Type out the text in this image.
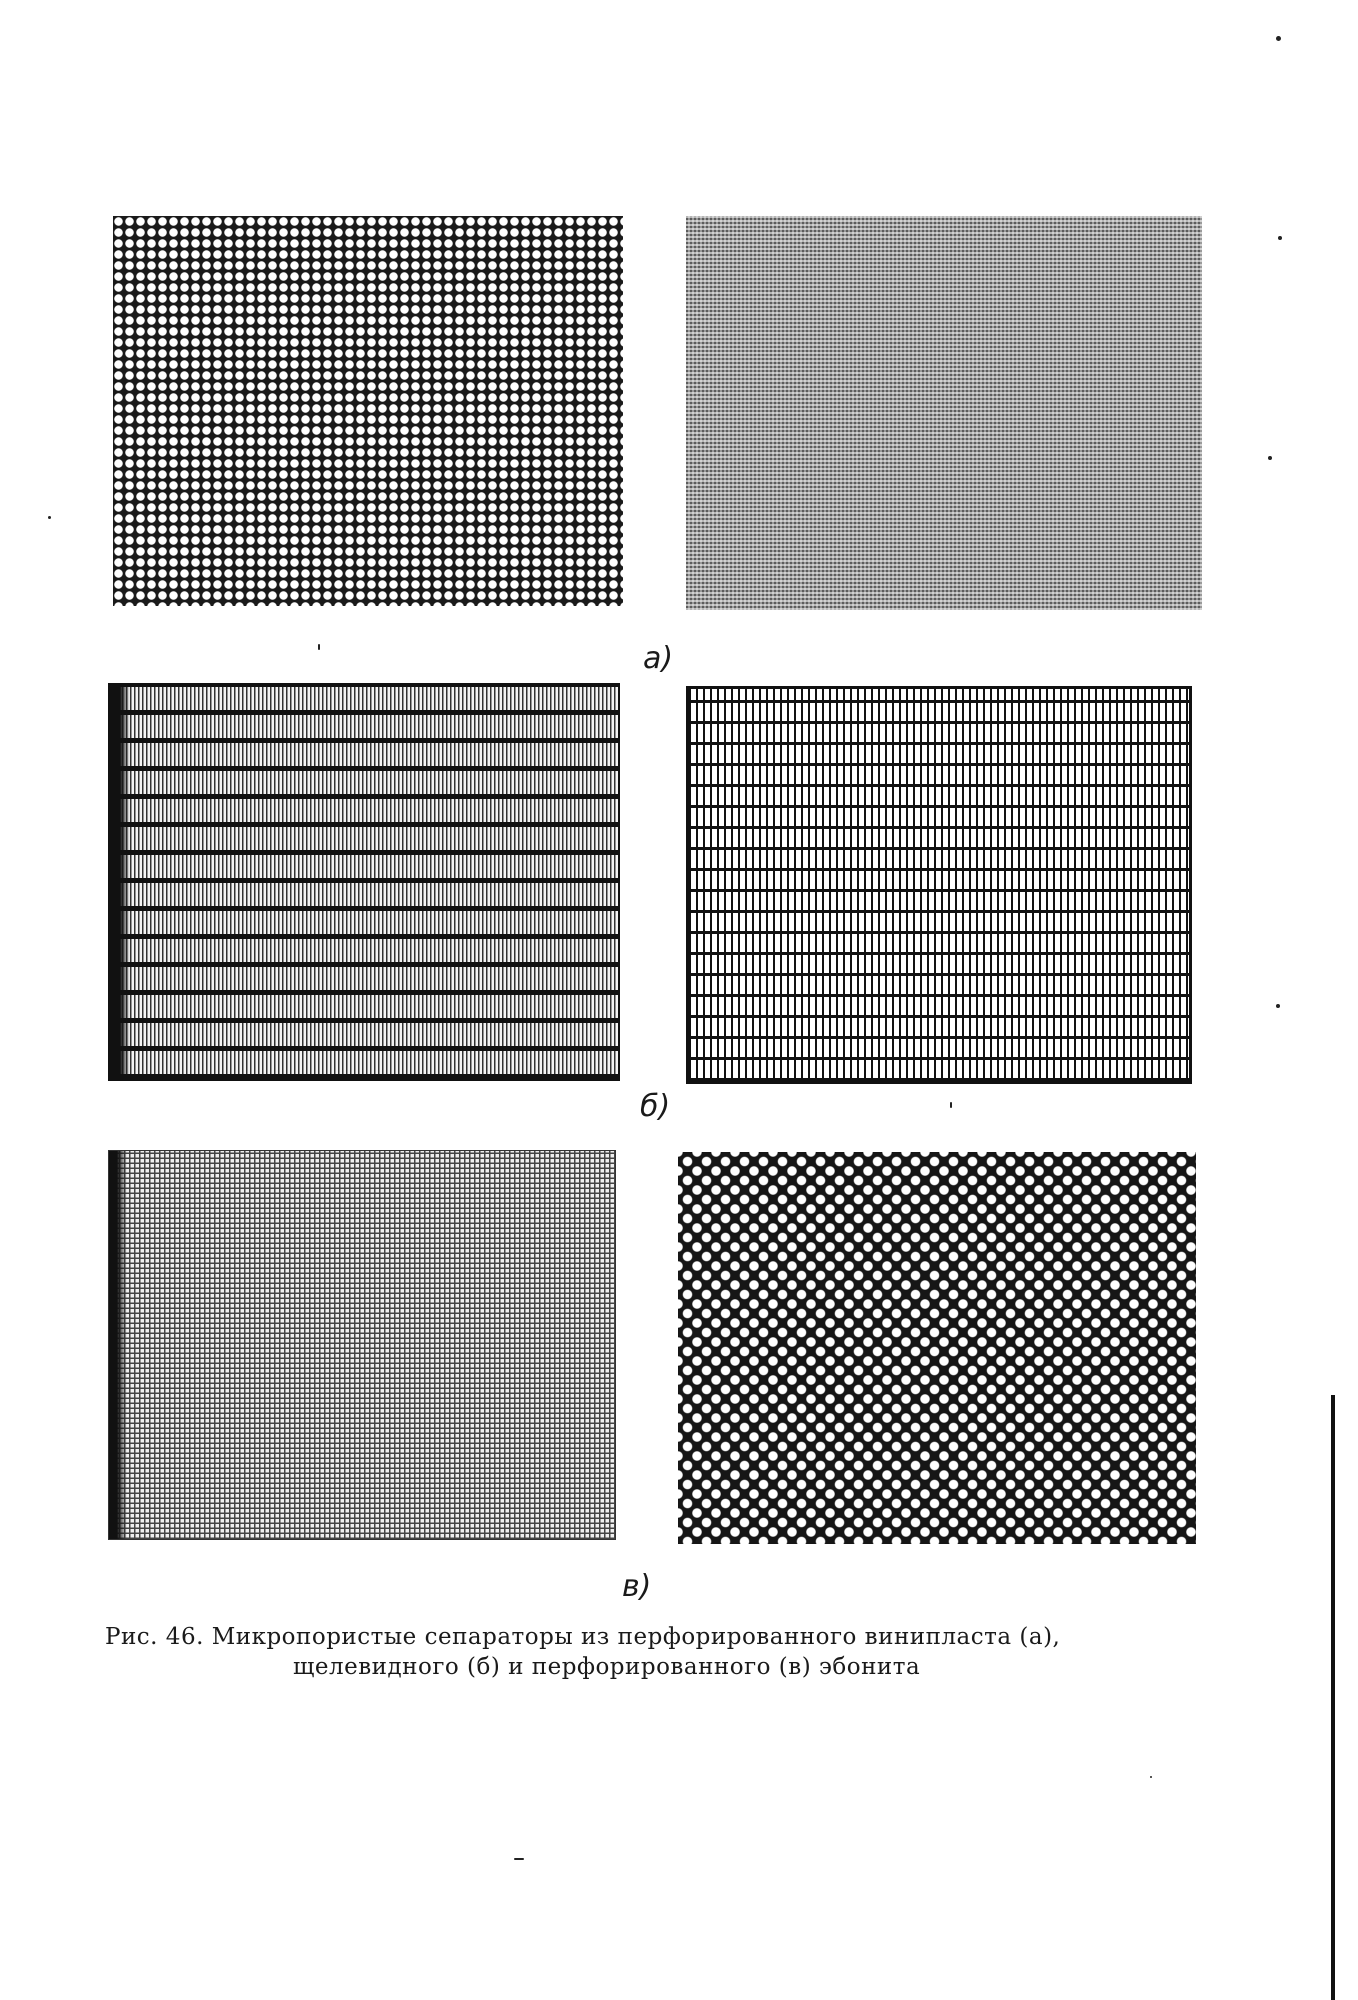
а)
б)
в)
Рис. 46. Микропористые сепараторы из перфорированного винипласта (а),
щелевидного (б) и перфорированного (в) эбонита
